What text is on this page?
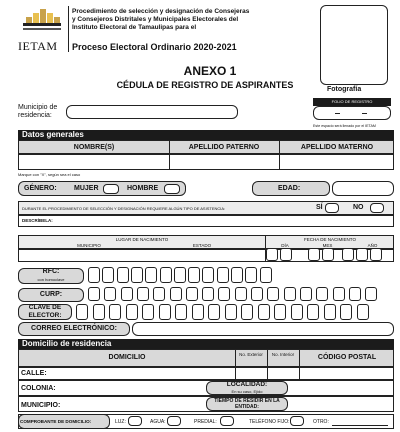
IETAM
Procedimiento de selección y designación de Consejeras
y Consejeros Distritales y Municipales Electorales del
Instituto Electoral de Tamaulipas para el
Proceso Electoral Ordinario 2020-2021
Fotografía
FOLIO DE REGISTRO
Este espacio será llenado por el IETAM
ANEXO 1
CÉDULA DE REGISTRO DE ASPIRANTES
Municipio de residencia:
Datos generales
NOMBRE(S)	APELLIDO PATERNO	APELLIDO MATERNO
Marque con "X", según sea el caso
GÉNERO: MUJER	HOMBRE	EDAD:
DURANTE EL PROCEDIMIENTO DE SELECCIÓN Y DESIGNACIÓN REQUIERE ALGÚN TIPO DE ASISTENCIA:	SÍ	NO
DESCRÍBELA:
LUGAR DE NACIMIENTO
MUNICIPIO	ESTADO
FECHA DE NACIMIENTO
DÍA	MES	AÑO
RFC:
con homoclave
CURP:
CLAVE DE ELECTOR:
CORREO ELECTRÓNICO:
Domicilio de residencia
DOMICILIO	No. Exterior	No. Interior	CÓDIGO POSTAL
CALLE:
COLONIA:
LOCALIDAD:
En su caso, Ejido
MUNICIPIO:
TIEMPO DE RESIDIR EN LA ENTIDAD:
COMPROBANTE DE DOMICILIO:	LUZ:	AGUA:	PREDIAL:	TELÉFONO FIJO:	OTRO:
